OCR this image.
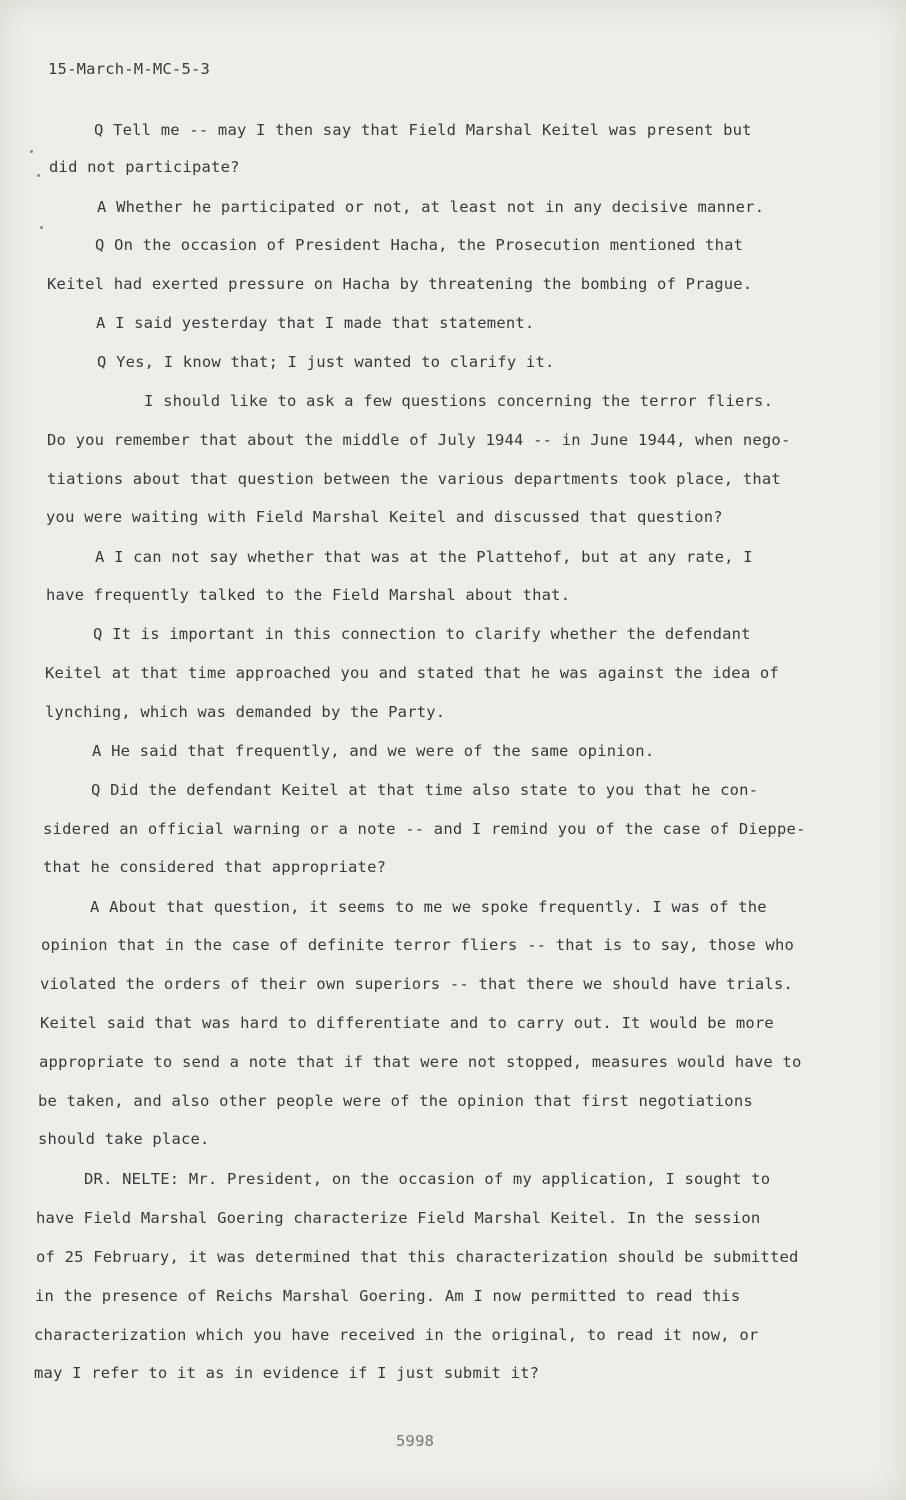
15-March-M-MC-5-3
Q Tell me -- may I then say that Field Marshal Keitel was present but
did not participate?
A Whether he participated or not, at least not in any decisive manner.
Q On the occasion of President Hacha, the Prosecution mentioned that
Keitel had exerted pressure on Hacha by threatening the bombing of Prague.
A I said yesterday that I made that statement.
Q Yes, I know that; I just wanted to clarify it.
I should like to ask a few questions concerning the terror fliers.
Do you remember that about the middle of July 1944 -- in June 1944, when nego-
tiations about that question between the various departments took place, that
you were waiting with Field Marshal Keitel and discussed that question?
A I can not say whether that was at the Plattehof, but at any rate, I
have frequently talked to the Field Marshal about that.
Q It is important in this connection to clarify whether the defendant
Keitel at that time approached you and stated that he was against the idea of
lynching, which was demanded by the Party.
A He said that frequently, and we were of the same opinion.
Q Did the defendant Keitel at that time also state to you that he con-
sidered an official warning or a note -- and I remind you of the case of Dieppe-
that he considered that appropriate?
A About that question, it seems to me we spoke frequently. I was of the
opinion that in the case of definite terror fliers -- that is to say, those who
violated the orders of their own superiors -- that there we should have trials.
Keitel said that was hard to differentiate and to carry out. It would be more
appropriate to send a note that if that were not stopped, measures would have to
be taken, and also other people were of the opinion that first negotiations
should take place.
DR. NELTE: Mr. President, on the occasion of my application, I sought to
have Field Marshal Goering characterize Field Marshal Keitel. In the session
of 25 February, it was determined that this characterization should be submitted
in the presence of Reichs Marshal Goering. Am I now permitted to read this
characterization which you have received in the original, to read it now, or
may I refer to it as in evidence if I just submit it?
5998
